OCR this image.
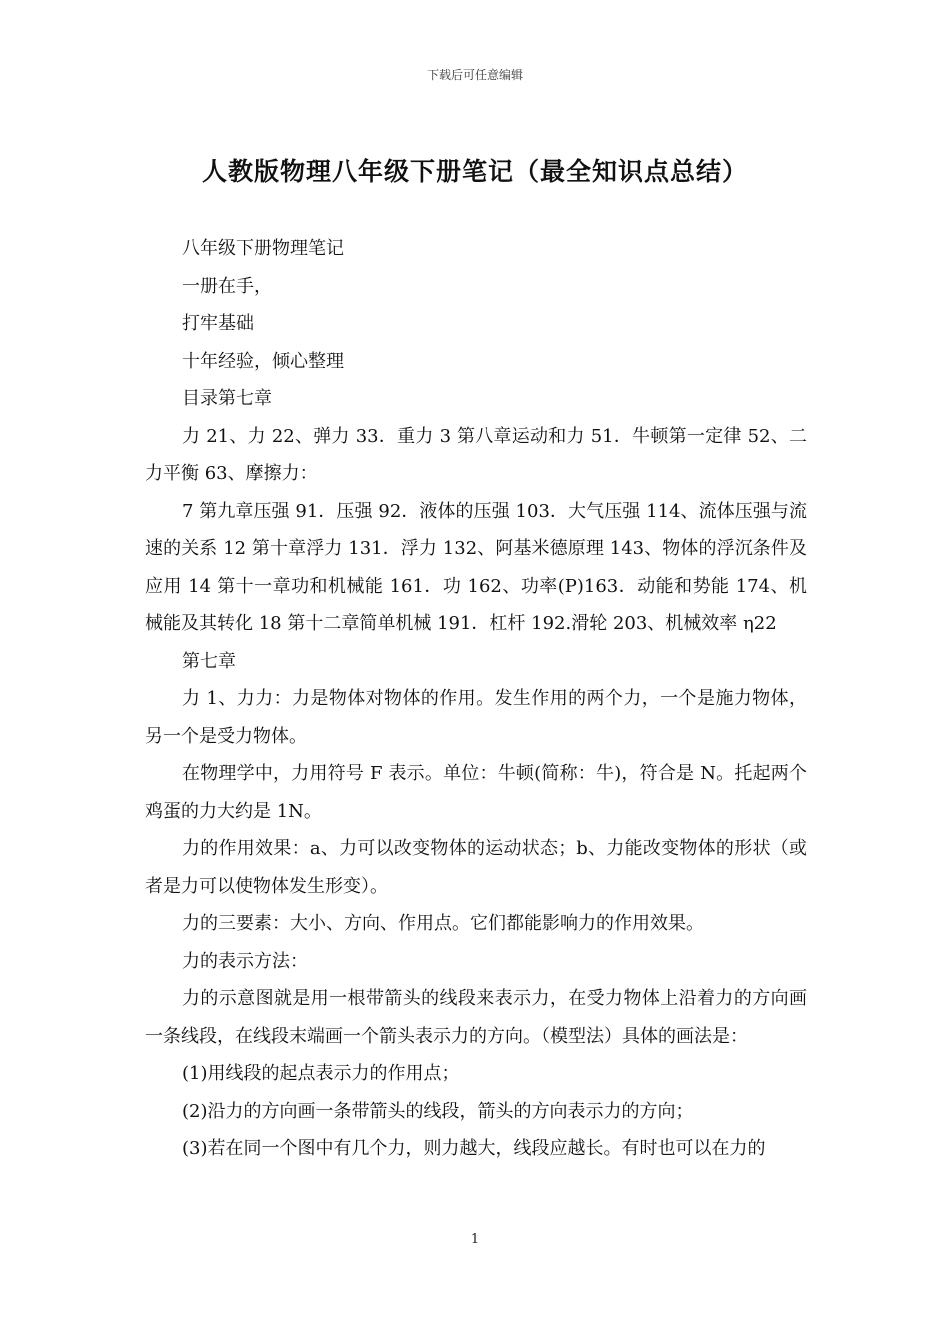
下载后可任意编辑
人教版物理八年级下册笔记（最全知识点总结）

八年级下册物理笔记

一册在手，

打牢基础

十年经验，倾心整理

目录第七章

力 21、力 22、弹力 33．重力 3 第八章运动和力 51．牛顿第一定律 52、二力平衡 63、摩擦力：

7 第九章压强 91．压强 92．液体的压强 103．大气压强 114、流体压强与流速的关系 12 第十章浮力 131．浮力 132、阿基米德原理 143、物体的浮沉条件及应用 14 第十一章功和机械能 161．功 162、功率(P)163．动能和势能 174、机械能及其转化 18 第十二章简单机械 191．杠杆 192.滑轮 203、机械效率 η22

第七章

力 1、力力：力是物体对物体的作用。发生作用的两个力，一个是施力物体，另一个是受力物体。

在物理学中，力用符号 F 表示。单位：牛顿(简称：牛)，符合是 N。托起两个鸡蛋的力大约是 1N。

力的作用效果：a、力可以改变物体的运动状态；b、力能改变物体的形状（或者是力可以使物体发生形变）。

力的三要素：大小、方向、作用点。它们都能影响力的作用效果。

力的表示方法：

力的示意图就是用一根带箭头的线段来表示力，在受力物体上沿着力的方向画一条线段，在线段末端画一个箭头表示力的方向。（模型法）具体的画法是：

(1)用线段的起点表示力的作用点；

(2)沿力的方向画一条带箭头的线段，箭头的方向表示力的方向；

(3)若在同一个图中有几个力，则力越大，线段应越长。有时也可以在力的

1
